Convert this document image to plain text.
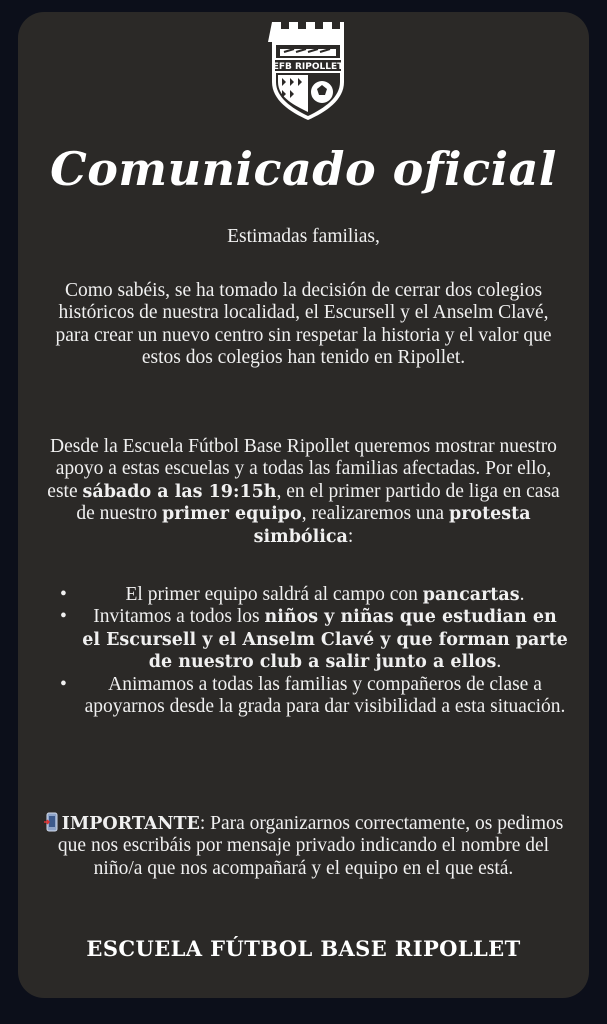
EFB RIPOLLET
Comunicado oficial
Estimadas familias,
Como sabéis, se ha tomado la decisión de cerrar dos colegios históricos de nuestra localidad, el Escursell y el Anselm Clavé, para crear un nuevo centro sin respetar la historia y el valor que estos dos colegios han tenido en Ripollet.
Desde la Escuela Fútbol Base Ripollet queremos mostrar nuestro apoyo a estas escuelas y a todas las familias afectadas. Por ello, este sábado a las 19:15h, en el primer partido de liga en casa de nuestro primer equipo, realizaremos una protesta simbólica:
•	El primer equipo saldrá al campo con pancartas.
• Invitamos a todos los niños y niñas que estudian en el Escursell y el Anselm Clavé y que forman parte de nuestro club a salir junto a ellos.
• Animamos a todas las familias y compañeros de clase a apoyarnos desde la grada para dar visibilidad a esta situación.
IMPORTANTE: Para organizarnos correctamente, os pedimos que nos escribáis por mensaje privado indicando el nombre del niño/a que nos acompañará y el equipo en el que está.
ESCUELA FÚTBOL BASE RIPOLLET
